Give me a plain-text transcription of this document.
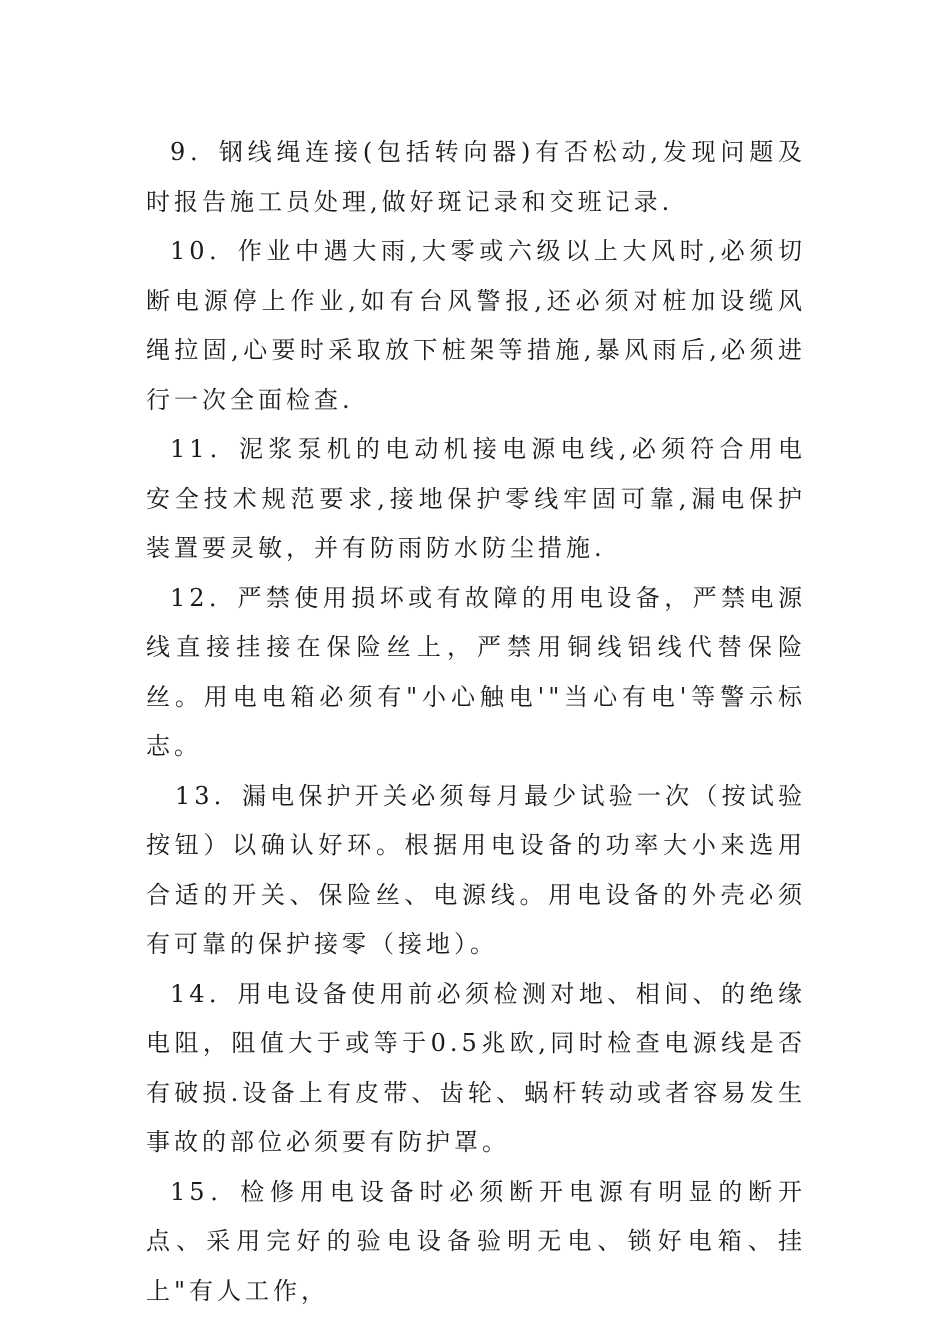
9．钢线绳连接(包括转向器)有否松动,发现问题及时报告施工员处理,做好斑记录和交班记录.

10．作业中遇大雨,大零或六级以上大风时,必须切断电源停上作业,如有台风警报,还必须对桩加设缆风绳拉固,心要时采取放下桩架等措施,暴风雨后,必须进行一次全面检查.

11．泥浆泵机的电动机接电源电线,必须符合用电安全技术规范要求,接地保护零线牢固可靠,漏电保护装置要灵敏，并有防雨防水防尘措施.

12．严禁使用损坏或有故障的用电设备，严禁电源线直接挂接在保险丝上，严禁用铜线铝线代替保险丝。用电电箱必须有"小心触电'"当心有电'等警示标志。

13．漏电保护开关必须每月最少试验一次（按试验按钮）以确认好环。根据用电设备的功率大小来选用合适的开关、保险丝、电源线。用电设备的外壳必须有可靠的保护接零（接地）。

14．用电设备使用前必须检测对地、相间、的绝缘电阻，阻值大于或等于0.5兆欧,同时检查电源线是否有破损.设备上有皮带、齿轮、蜗杆转动或者容易发生事故的部位必须要有防护罩。

15．检修用电设备时必须断开电源有明显的断开点、采用完好的验电设备验明无电、锁好电箱、挂上"有人工作，
